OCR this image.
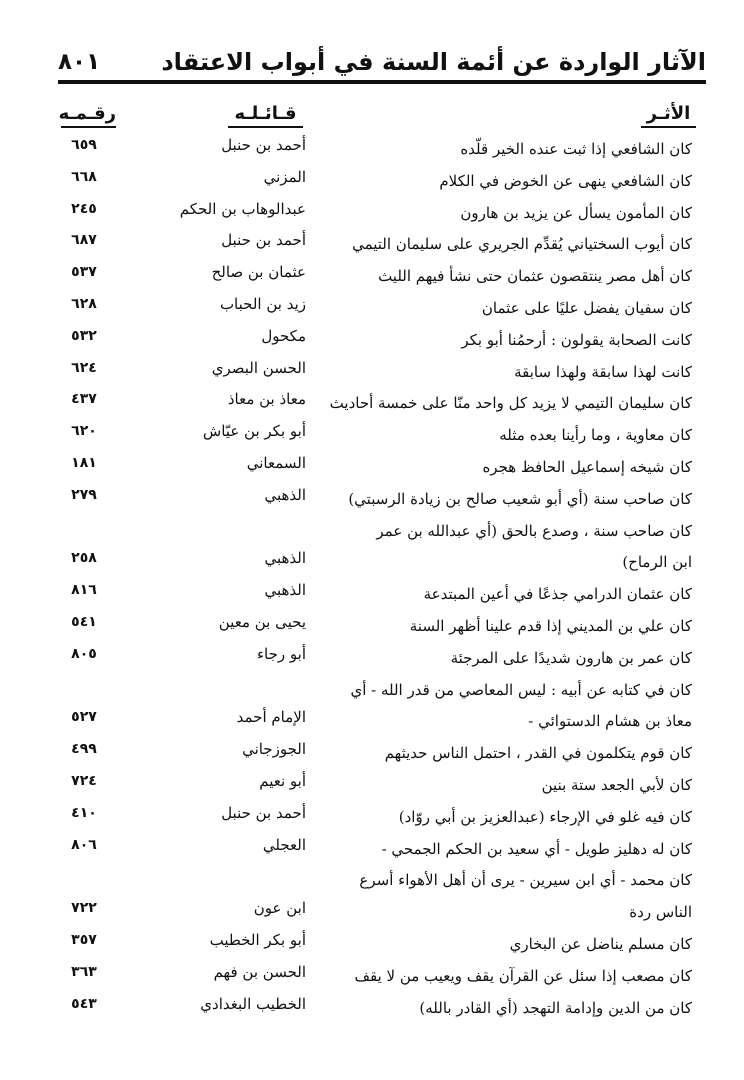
الآثار الواردة عن أئمة السنة في أبواب الاعتقاد
٨٠١
الأثـر
قـائـلـه
رقـمـه
كان الشافعي إذا ثبت عنده الخير قلّده
أحمد بن حنبل
٦٥٩
كان الشافعي ينهى عن الخوض في الكلام
المزني
٦٦٨
كان المأمون يسأل عن يزيد بن هارون
عبدالوهاب بن الحكم
٢٤٥
كان أيوب السختياني يُقدِّم الجريري على سليمان التيمي
أحمد بن حنبل
٦٨٧
كان أهل مصر ينتقصون عثمان حتى نشأ فيهم الليث
عثمان بن صالح
٥٣٧
كان سفيان يفضل عليًا على عثمان
زيد بن الحباب
٦٢٨
كانت الصحابة يقولون : أرحمُنا أبو بكر
مكحول
٥٣٢
كانت لهذا سابقة ولهذا سابقة
الحسن البصري
٦٢٤
كان سليمان التيمي لا يزيد كل واحد منّا على خمسة أحاديث
معاذ بن معاذ
٤٣٧
كان معاوية ، وما رأينا بعده مثله
أبو بكر بن عيّاش
٦٢٠
كان شيخه إسماعيل الحافظ هجره
السمعاني
١٨١
كان صاحب سنة (أي أبو شعيب صالح بن زيادة الرسبتي)
الذهبي
٢٧٩
كان صاحب سنة ، وصدع بالحق (أي عبدالله بن عمر
ابن الرماح)
الذهبي
٢٥٨
كان عثمان الدرامي جذعًا في أعين المبتدعة
الذهبي
٨١٦
كان علي بن المديني إذا قدم علينا أظهر السنة
يحيى بن معين
٥٤١
كان عمر بن هارون شديدًا على المرجئة
أبو رجاء
٨٠٥
كان في كتابه عن أبيه : ليس المعاصي من قدر الله - أي
معاذ بن هشام الدستوائي -
الإمام أحمد
٥٢٧
كان قوم يتكلمون في القدر ، احتمل الناس حديثهم
الجوزجاني
٤٩٩
كان لأبي الجعد ستة بنين
أبو نعيم
٧٢٤
كان فيه غلو في الإرجاء (عبدالعزيز بن أبي روّاد)
أحمد بن حنبل
٤١٠
كان له دهليز طويل - أي سعيد بن الحكم الجمحي -
العجلي
٨٠٦
كان محمد - أي ابن سيرين - يرى أن أهل الأهواء أسرع
الناس ردة
ابن عون
٧٢٢
كان مسلم يناضل عن البخاري
أبو بكر الخطيب
٣٥٧
كان مصعب إذا سئل عن القرآن يقف ويعيب من لا يقف
الحسن بن فهم
٣٦٣
كان من الدين وإدامة التهجد (أي القادر بالله)
الخطيب البغدادي
٥٤٣
